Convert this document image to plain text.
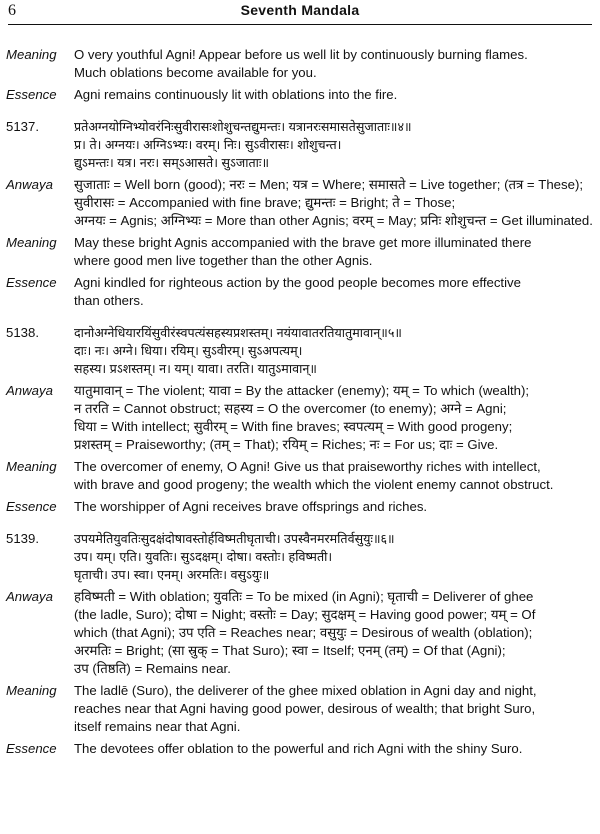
6	Seventh Mandala
Meaning	O very youthful Agni! Appear before us well lit by continuously burning flames.
Much oblations become available for you.
Essence	Agni remains continuously lit with oblations into the fire.
5137.	प्रतेअग्नयोग्निभ्योवरंनिःसुवीरासःशोशुचन्तद्युमन्तः। यत्रानरःसमासतेसुजाताः॥४॥
प्र। ते। अग्नयः। अग्निऽभ्यः। वरम्। निः। सुऽवीरासः। शोशुचन्त।
द्युऽमन्तः। यत्र। नरः। सम्ऽआसते। सुऽजाताः॥
Anwaya	सुजाताः = Well born (good); नरः = Men; यत्र = Where; समासते = Live together; (तत्र = These);
सुवीरासः = Accompanied with fine brave; द्युमन्तः = Bright; ते = Those;
अग्नयः = Agnis; अग्निभ्यः = More than other Agnis; वरम् = May; प्रनिः शोशुचन्त = Get illuminated.
Meaning	May these bright Agnis accompanied with the brave get more illuminated there
where good men live together than the other Agnis.
Essence	Agni kindled for righteous action by the good people becomes more effective
than others.
5138.	दानोअग्नेधियारयिंसुवीरंस्वपत्यंसहस्यप्रशस्तम्। नयंयावातरतियातुमावान्॥५॥
दाः। नः। अग्ने। धिया। रयिम्। सुऽवीरम्। सुऽअपत्यम्।
सहस्य। प्रऽशस्तम्। न। यम्। यावा। तरति। यातुऽमावान्॥
Anwaya	यातुमावान् = The violent; यावा = By the attacker (enemy); यम् = To which (wealth);
न तरति = Cannot obstruct; सहस्य = O the overcomer (to enemy); अग्ने = Agni;
धिया = With intellect; सुवीरम् = With fine braves; स्वपत्यम् = With good progeny;
प्रशस्तम् = Praiseworthy; (तम् = That); रयिम् = Riches; नः = For us; दाः = Give.
Meaning	The overcomer of enemy, O Agni! Give us that praiseworthy riches with intellect,
with brave and good progeny; the wealth which the violent enemy cannot obstruct.
Essence	The worshipper of Agni receives brave offsprings and riches.
5139.	उपयमेतियुवतिःसुदक्षंदोषावस्तोर्हविष्मतीघृताची। उपस्वैनमरमतिर्वसुयुः॥६॥
उप। यम्। एति। युवतिः। सुऽदक्षम्। दोषा। वस्तोः। हविष्मती।
घृताची। उप। स्वा। एनम्। अरमतिः। वसुऽयुः॥
Anwaya	हविष्मती = With oblation; युवतिः = To be mixed (in Agni); घृताची = Deliverer of ghee
(the ladle, Suro); दोषा = Night; वस्तोः = Day; सुदक्षम् = Having good power; यम् = Of
which (that Agni); उप एति = Reaches near; वसुयुः = Desirous of wealth (oblation);
अरमतिः = Bright; (सा स्रुक् = That Suro); स्वा = Itself; एनम् (तम्) = Of that (Agni);
उप (तिष्ठति) = Remains near.
Meaning	The ladlē (Suro), the deliverer of the ghee mixed oblation in Agni day and night,
reaches near that Agni having good power, desirous of wealth; that bright Suro,
itself remains near that Agni.
Essence	The devotees offer oblation to the powerful and rich Agni with the shiny Suro.
